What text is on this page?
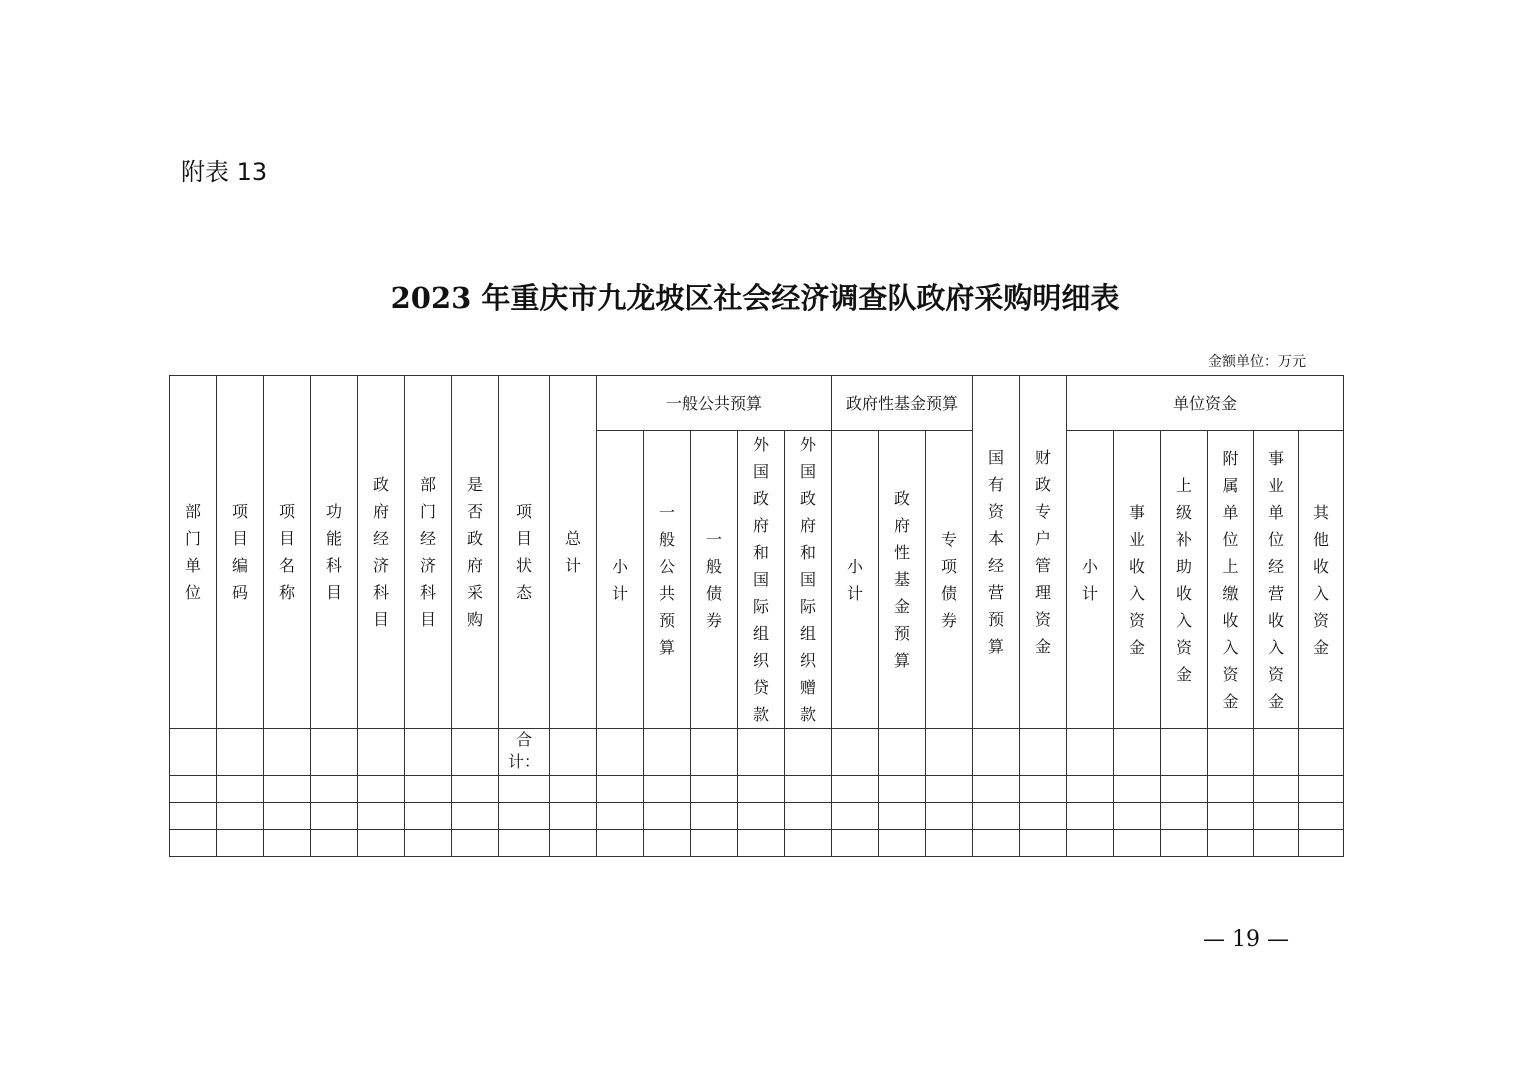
附表 13
2023 年重庆市九龙坡区社会经济调查队政府采购明细表
金额单位：万元
部门单位	项目编码	项目名称	功能科目	政府经济科目	部门经济科目	是否政府采购	项目状态	总计	一般公共预算					政府性基金预算			国有资本经营预算	财政专户管理资金	单位资金					
									小计	一般公共预算	一般债券	外国政府和国际组织贷款	外国政府和国际组织赠款	小计	政府性基金预算	专项债券			小计	事业收入资金	上级补助收入资金	附属单位上缴收入资金	事业单位经营收入资金	其他收入资金
							合计：																	

— 19 —
